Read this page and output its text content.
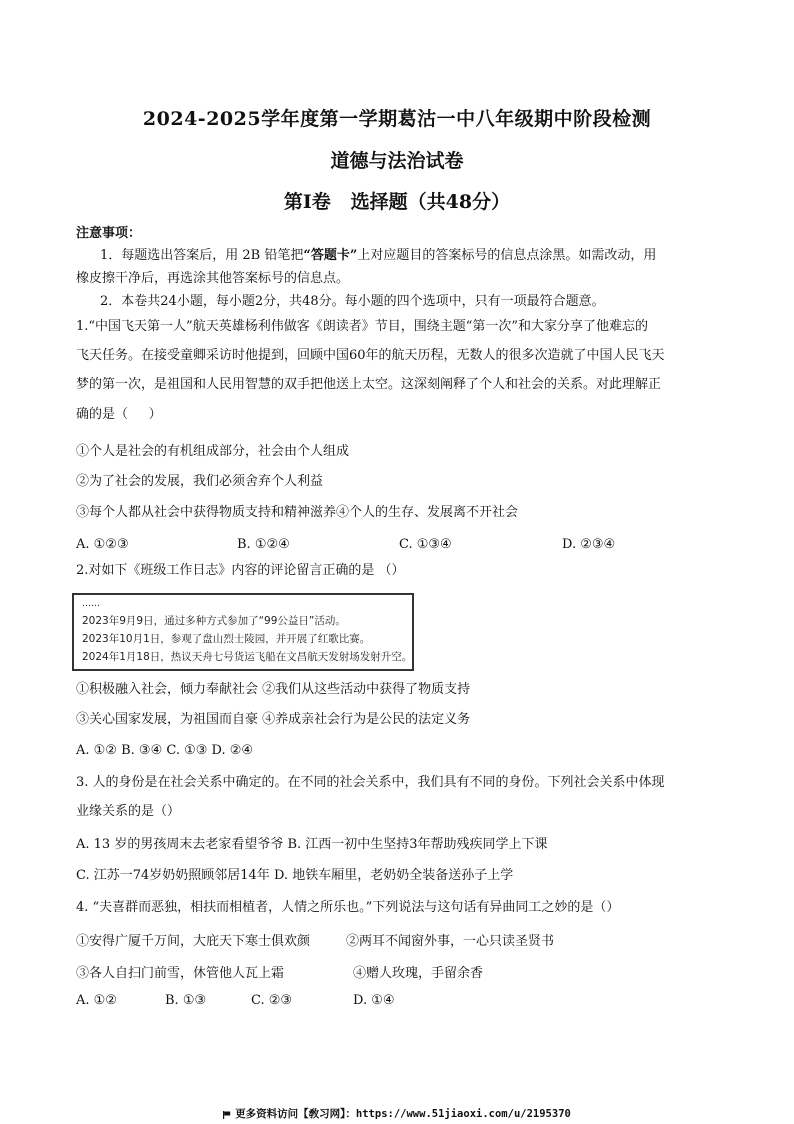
2024-2025学年度第一学期葛沽一中八年级期中阶段检测
道德与法治试卷
第Ⅰ卷   选择题（共48分）
注意事项：
1．每题选出答案后，用 2B 铅笔把“答题卡”上对应题目的答案标号的信息点涂黑。如需改动，用
橡皮擦干净后，再选涂其他答案标号的信息点。
2．本卷共24小题，每小题2分，共48分。每小题的四个选项中，只有一项最符合题意。
1.“中国飞天第一人”航天英雄杨利伟做客《朗读者》节目，围绕主题“第一次”和大家分享了他难忘的
飞天任务。在接受童卿采访时他提到，回顾中国60年的航天历程，无数人的很多次造就了中国人民飞天
梦的第一次，是祖国和人民用智慧的双手把他送上太空。这深刻阐释了个人和社会的关系。对此理解正
确的是（     ）
①个人是社会的有机组成部分，社会由个人组成
②为了社会的发展，我们必须舍弃个人利益
③每个人都从社会中获得物质支持和精神滋养④个人的生存、发展离不开社会
A. ①②③	B. ①②④	C. ①③④	D. ②③④
2.对如下《班级工作日志》内容的评论留言正确的是 （）
……
2023年9月9日，通过多种方式参加了“99公益日”活动。
2023年10月1日，参观了盘山烈士陵园，并开展了红歌比赛。
2024年1月18日，热议天舟七号货运飞船在文昌航天发射场发射升空。
①积极融入社会，倾力奉献社会 ②我们从这些活动中获得了物质支持
③关心国家发展，为祖国而自豪 ④养成亲社会行为是公民的法定义务
A. ①② B. ③④ C. ①③ D. ②④
3. 人的身份是在社会关系中确定的。在不同的社会关系中，我们具有不同的身份。下列社会关系中体现
业缘关系的是（）
A. 13 岁的男孩周末去老家看望爷爷 B. 江西一初中生坚持3年帮助残疾同学上下课
C. 江苏一74岁奶奶照顾邻居14年 D. 地铁车厢里，老奶奶全装备送孙子上学
4. “夫喜群而恶独，相扶而相植者，人情之所乐也。”下列说法与这句话有异曲同工之妙的是（）
①安得广厦千万间，大庇天下寒士俱欢颜	②两耳不闻窗外事，一心只读圣贤书
③各人自扫门前雪，休管他人瓦上霜	④赠人玫瑰，手留余香
A. ①②	B. ①③	C. ②③	D. ①④
更多资料访问【敎习网】：https://www.51jiaoxi.com/u/2195370
